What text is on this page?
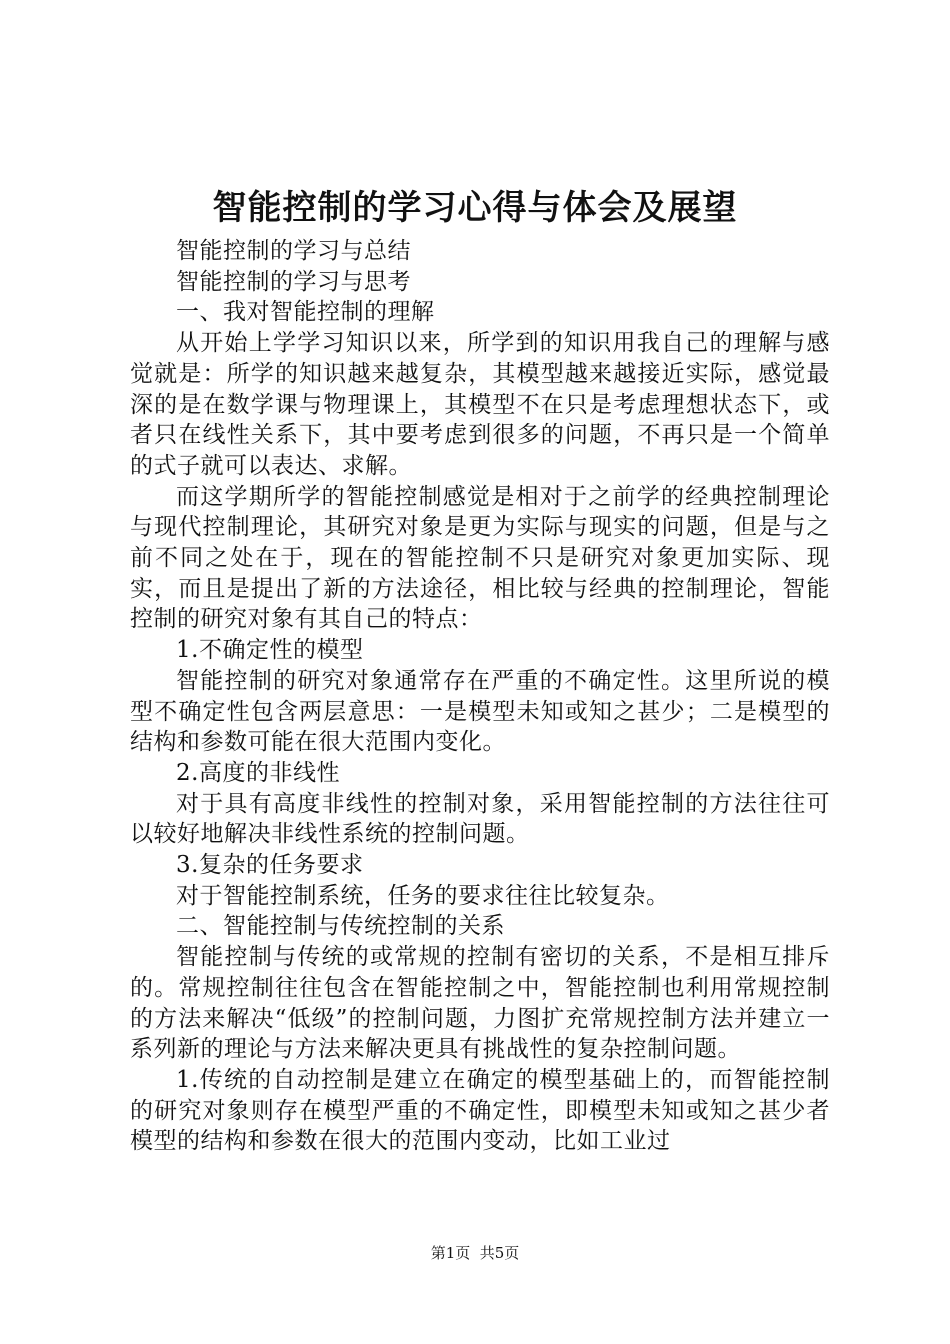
智能控制的学习心得与体会及展望

智能控制的学习与总结

智能控制的学习与思考

一、我对智能控制的理解

从开始上学学习知识以来，所学到的知识用我自己的理解与感觉就是：所学的知识越来越复杂，其模型越来越接近实际，感觉最深的是在数学课与物理课上，其模型不在只是考虑理想状态下，或者只在线性关系下，其中要考虑到很多的问题，不再只是一个简单的式子就可以表达、求解。

而这学期所学的智能控制感觉是相对于之前学的经典控制理论与现代控制理论，其研究对象是更为实际与现实的问题，但是与之前不同之处在于，现在的智能控制不只是研究对象更加实际、现实，而且是提出了新的方法途径，相比较与经典的控制理论，智能控制的研究对象有其自己的特点：

1.不确定性的模型

智能控制的研究对象通常存在严重的不确定性。这里所说的模型不确定性包含两层意思：一是模型未知或知之甚少；二是模型的结构和参数可能在很大范围内变化。

2.高度的非线性

对于具有高度非线性的控制对象，采用智能控制的方法往往可以较好地解决非线性系统的控制问题。

3.复杂的任务要求

对于智能控制系统，任务的要求往往比较复杂。

二、智能控制与传统控制的关系

智能控制与传统的或常规的控制有密切的关系，不是相互排斥的。常规控制往往包含在智能控制之中，智能控制也利用常规控制的方法来解决“低级”的控制问题，力图扩充常规控制方法并建立一系列新的理论与方法来解决更具有挑战性的复杂控制问题。

1.传统的自动控制是建立在确定的模型基础上的，而智能控制的研究对象则存在模型严重的不确定性，即模型未知或知之甚少者模型的结构和参数在很大的范围内变动，比如工业过

第1页  共5页
